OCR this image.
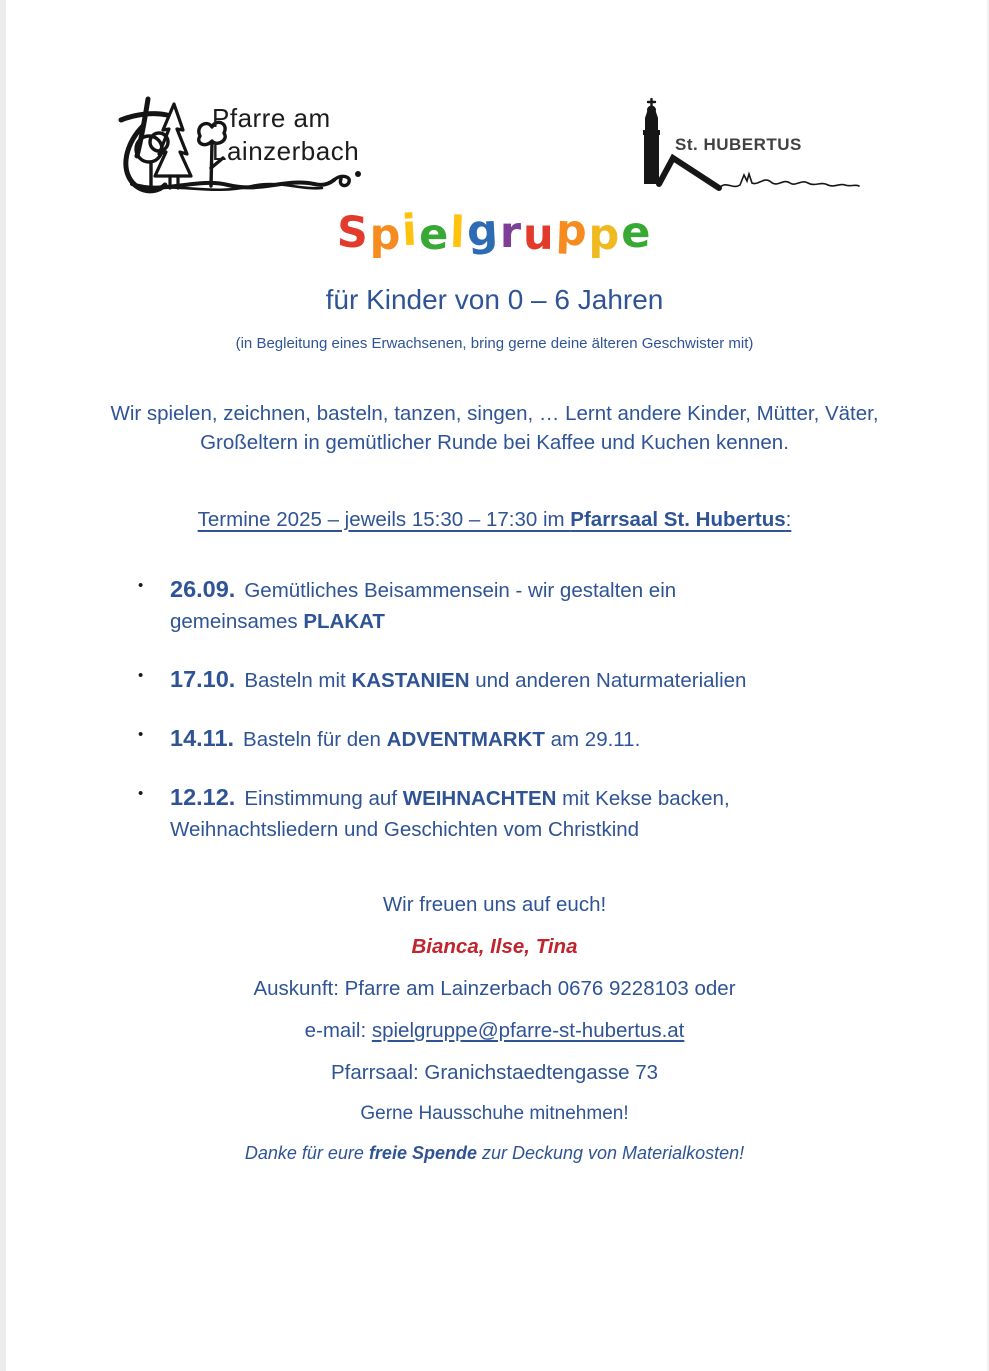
Pfarre am
Lainzerbach	St. HUBERTUS
Spielgruppe
für Kinder von 0 – 6 Jahren
(in Begleitung eines Erwachsenen, bring gerne deine älteren Geschwister mit)

Wir spielen, zeichnen, basteln, tanzen, singen, … Lernt andere Kinder, Mütter, Väter, Großeltern in gemütlicher Runde bei Kaffee und Kuchen kennen.

Termine 2025 – jeweils 15:30 – 17:30 im Pfarrsaal St. Hubertus:
• 26.09. Gemütliches Beisammensein - wir gestalten ein gemeinsames PLAKAT
• 17.10. Basteln mit KASTANIEN und anderen Naturmaterialien
• 14.11. Basteln für den ADVENTMARKT am 29.11.
• 12.12. Einstimmung auf WEIHNACHTEN mit Kekse backen, Weihnachtsliedern und Geschichten vom Christkind
Wir freuen uns auf euch!
Bianca, Ilse, Tina
Auskunft: Pfarre am Lainzerbach 0676 9228103 oder
e-mail: spielgruppe@pfarre-st-hubertus.at
Pfarrsaal: Granichstaedtengasse 73
Gerne Hausschuhe mitnehmen!
Danke für eure freie Spende zur Deckung von Materialkosten!
